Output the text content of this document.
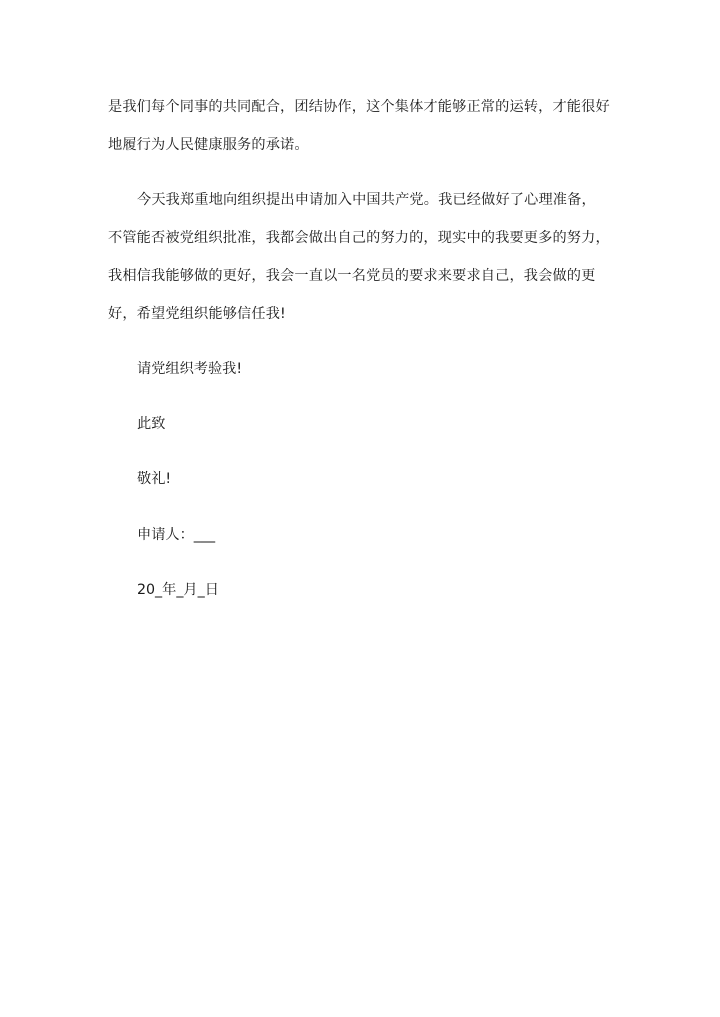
是我们每个同事的共同配合，团结协作，这个集体才能够正常的运转，才能很好地履行为人民健康服务的承诺。

今天我郑重地向组织提出申请加入中国共产党。我已经做好了心理准备，不管能否被党组织批准，我都会做出自己的努力的，现实中的我要更多的努力，我相信我能够做的更好，我会一直以一名党员的要求来要求自己，我会做的更好，希望党组织能够信任我!

请党组织考验我!

此致

敬礼!

申请人：___

20_年_月_日
